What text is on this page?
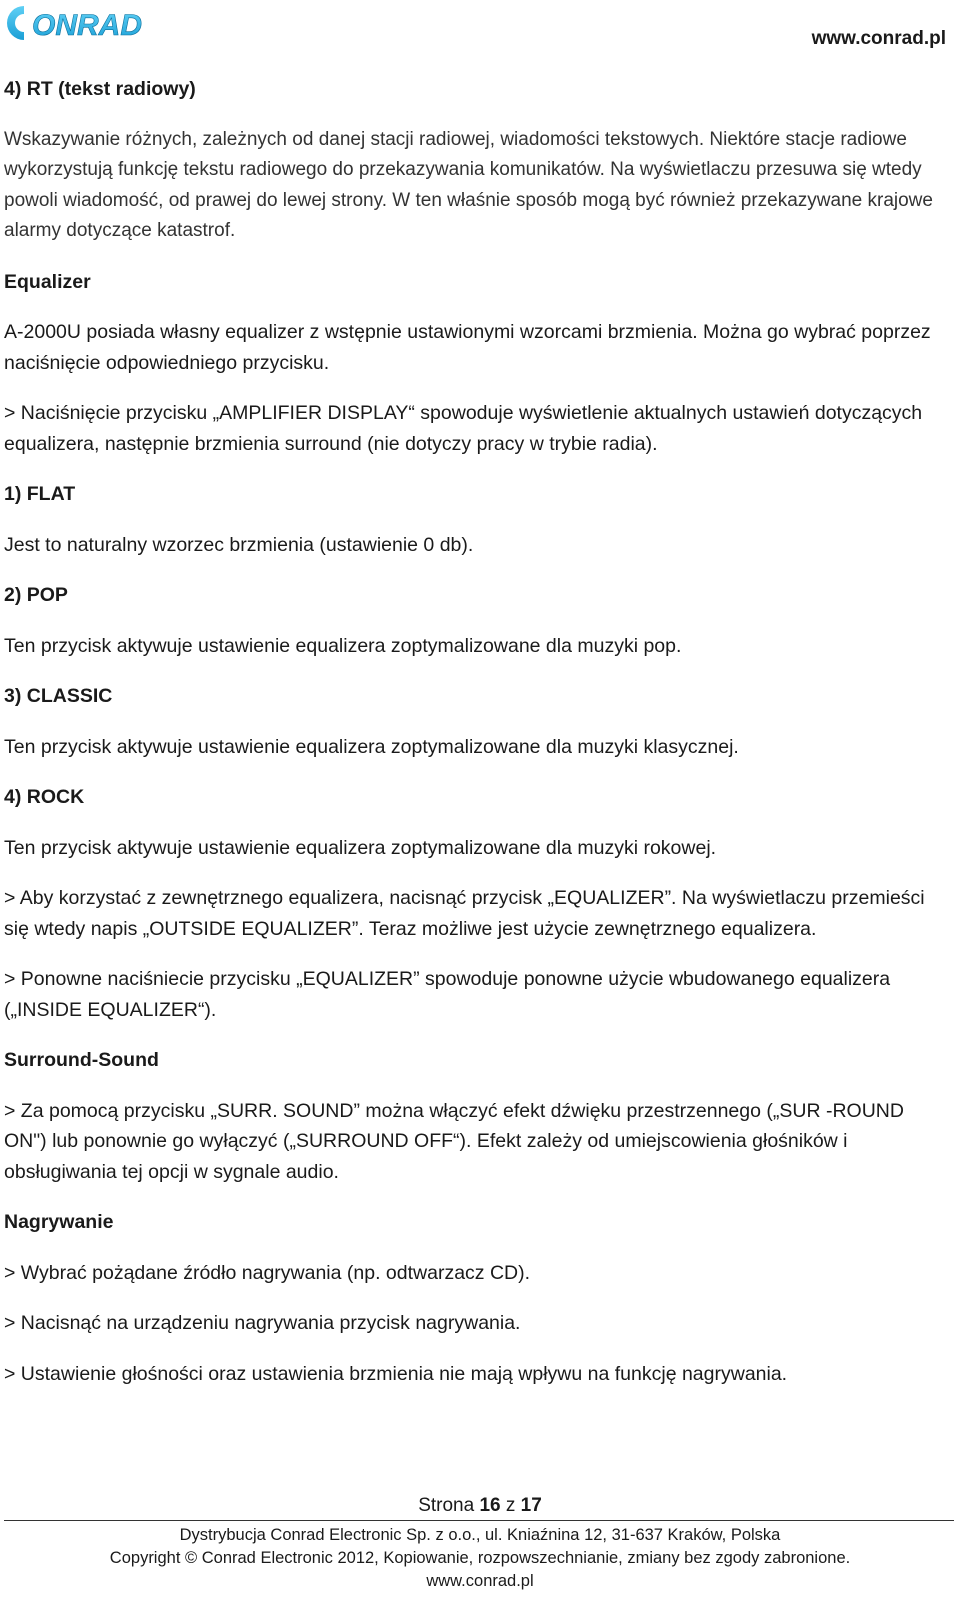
ONRAD	www.conrad.pl
4) RT (tekst radiowy)
Wskazywanie różnych, zależnych od danej stacji radiowej, wiadomości tekstowych. Niektóre stacje radiowe wykorzystują funkcję tekstu radiowego do przekazywania komunikatów. Na wyświetlaczu przesuwa się wtedy powoli wiadomość, od prawej do lewej strony. W ten właśnie sposób mogą być również przekazywane krajowe alarmy dotyczące katastrof.
Equalizer
A-2000U posiada własny equalizer z wstępnie ustawionymi wzorcami brzmienia. Można go wybrać poprzez naciśnięcie odpowiedniego przycisku.
> Naciśnięcie przycisku „AMPLIFIER DISPLAY“ spowoduje wyświetlenie aktualnych ustawień dotyczących equalizera, następnie brzmienia surround (nie dotyczy pracy w trybie radia).
1) FLAT
Jest to naturalny wzorzec brzmienia (ustawienie 0 db).
2) POP
Ten przycisk aktywuje ustawienie equalizera zoptymalizowane dla muzyki pop.
3) CLASSIC
Ten przycisk aktywuje ustawienie equalizera zoptymalizowane dla muzyki klasycznej.
4) ROCK
Ten przycisk aktywuje ustawienie equalizera zoptymalizowane dla muzyki rokowej.
> Aby korzystać z zewnętrznego equalizera, nacisnąć przycisk „EQUALIZER”. Na wyświetlaczu przemieści się wtedy napis „OUTSIDE EQUALIZER”. Teraz możliwe jest użycie zewnętrznego equalizera.
> Ponowne naciśniecie przycisku „EQUALIZER” spowoduje ponowne użycie wbudowanego equalizera („INSIDE EQUALIZER“).
Surround-Sound
> Za pomocą przycisku „SURR. SOUND” można włączyć efekt dźwięku przestrzennego („SUR -ROUND ON") lub ponownie go wyłączyć („SURROUND OFF“). Efekt zależy od umiejscowienia głośników i obsługiwania tej opcji w sygnale audio.
Nagrywanie
> Wybrać pożądane źródło nagrywania (np. odtwarzacz CD).
> Nacisnąć na urządzeniu nagrywania przycisk nagrywania.
> Ustawienie głośności oraz ustawienia brzmienia nie mają wpływu na funkcję nagrywania.
Strona 16 z 17
Dystrybucja Conrad Electronic Sp. z o.o., ul. Kniaźnina 12, 31-637 Kraków, Polska
Copyright © Conrad Electronic 2012, Kopiowanie, rozpowszechnianie, zmiany bez zgody zabronione.
www.conrad.pl
